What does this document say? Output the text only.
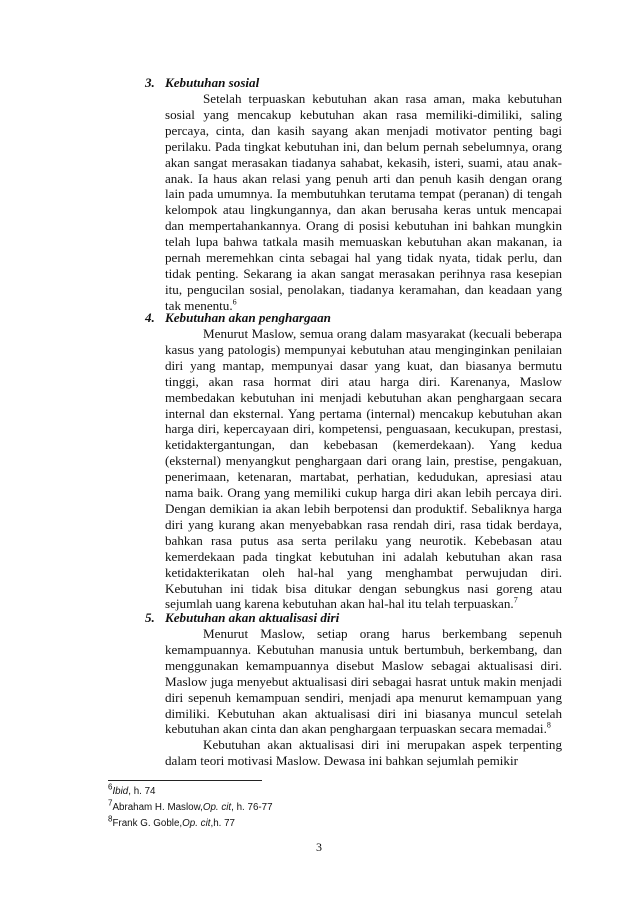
3. Kebutuhan sosial

Setelah terpuaskan kebutuhan akan rasa aman, maka kebutuhan sosial yang mencakup kebutuhan akan rasa memiliki-dimiliki, saling percaya, cinta, dan kasih sayang akan menjadi motivator penting bagi perilaku. Pada tingkat kebutuhan ini, dan belum pernah sebelumnya, orang akan sangat merasakan tiadanya sahabat, kekasih, isteri, suami, atau anak-anak. Ia haus akan relasi yang penuh arti dan penuh kasih dengan orang lain pada umumnya. Ia membutuhkan terutama tempat (peranan) di tengah kelompok atau lingkungannya, dan akan berusaha keras untuk mencapai dan mempertahankannya. Orang di posisi kebutuhan ini bahkan mungkin telah lupa bahwa tatkala masih memuaskan kebutuhan akan makanan, ia pernah meremehkan cinta sebagai hal yang tidak nyata, tidak perlu, dan tidak penting. Sekarang ia akan sangat merasakan perihnya rasa kesepian itu, pengucilan sosial, penolakan, tiadanya keramahan, dan keadaan yang tak menentu.$^6$

4. Kebutuhan akan penghargaan

Menurut Maslow, semua orang dalam masyarakat (kecuali beberapa kasus yang patologis) mempunyai kebutuhan atau menginginkan penilaian diri yang mantap, mempunyai dasar yang kuat, dan biasanya bermutu tinggi, akan rasa hormat diri atau harga diri. Karenanya, Maslow membedakan kebutuhan ini menjadi kebutuhan akan penghargaan secara internal dan eksternal. Yang pertama (internal) mencakup kebutuhan akan harga diri, kepercayaan diri, kompetensi, penguasaan, kecukupan, prestasi, ketidaktergantungan, dan kebebasan (kemerdekaan). Yang kedua (eksternal) menyangkut penghargaan dari orang lain, prestise, pengakuan, penerimaan, ketenaran, martabat, perhatian, kedudukan, apresiasi atau nama baik. Orang yang memiliki cukup harga diri akan lebih percaya diri. Dengan demikian ia akan lebih berpotensi dan produktif. Sebaliknya harga diri yang kurang akan menyebabkan rasa rendah diri, rasa tidak berdaya, bahkan rasa putus asa serta perilaku yang neurotik. Kebebasan atau kemerdekaan pada tingkat kebutuhan ini adalah kebutuhan akan rasa ketidakterikatan oleh hal-hal yang menghambat perwujudan diri. Kebutuhan ini tidak bisa ditukar dengan sebungkus nasi goreng atau sejumlah uang karena kebutuhan akan hal-hal itu telah terpuaskan.$^7$

5. Kebutuhan akan aktualisasi diri

Menurut Maslow, setiap orang harus berkembang sepenuh kemampuannya. Kebutuhan manusia untuk bertumbuh, berkembang, dan menggunakan kemampuannya disebut Maslow sebagai aktualisasi diri. Maslow juga menyebut aktualisasi diri sebagai hasrat untuk makin menjadi diri sepenuh kemampuan sendiri, menjadi apa menurut kemampuan yang dimiliki. Kebutuhan akan aktualisasi diri ini biasanya muncul setelah kebutuhan akan cinta dan akan penghargaan terpuaskan secara memadai.$^8$

Kebutuhan akan aktualisasi diri ini merupakan aspek terpenting dalam teori motivasi Maslow. Dewasa ini bahkan sejumlah pemikir

$^6$Ibid, h. 74
$^7$Abraham H. Maslow,Op. cit, h. 76-77
$^8$Frank G. Goble,Op. cit,h. 77
3
